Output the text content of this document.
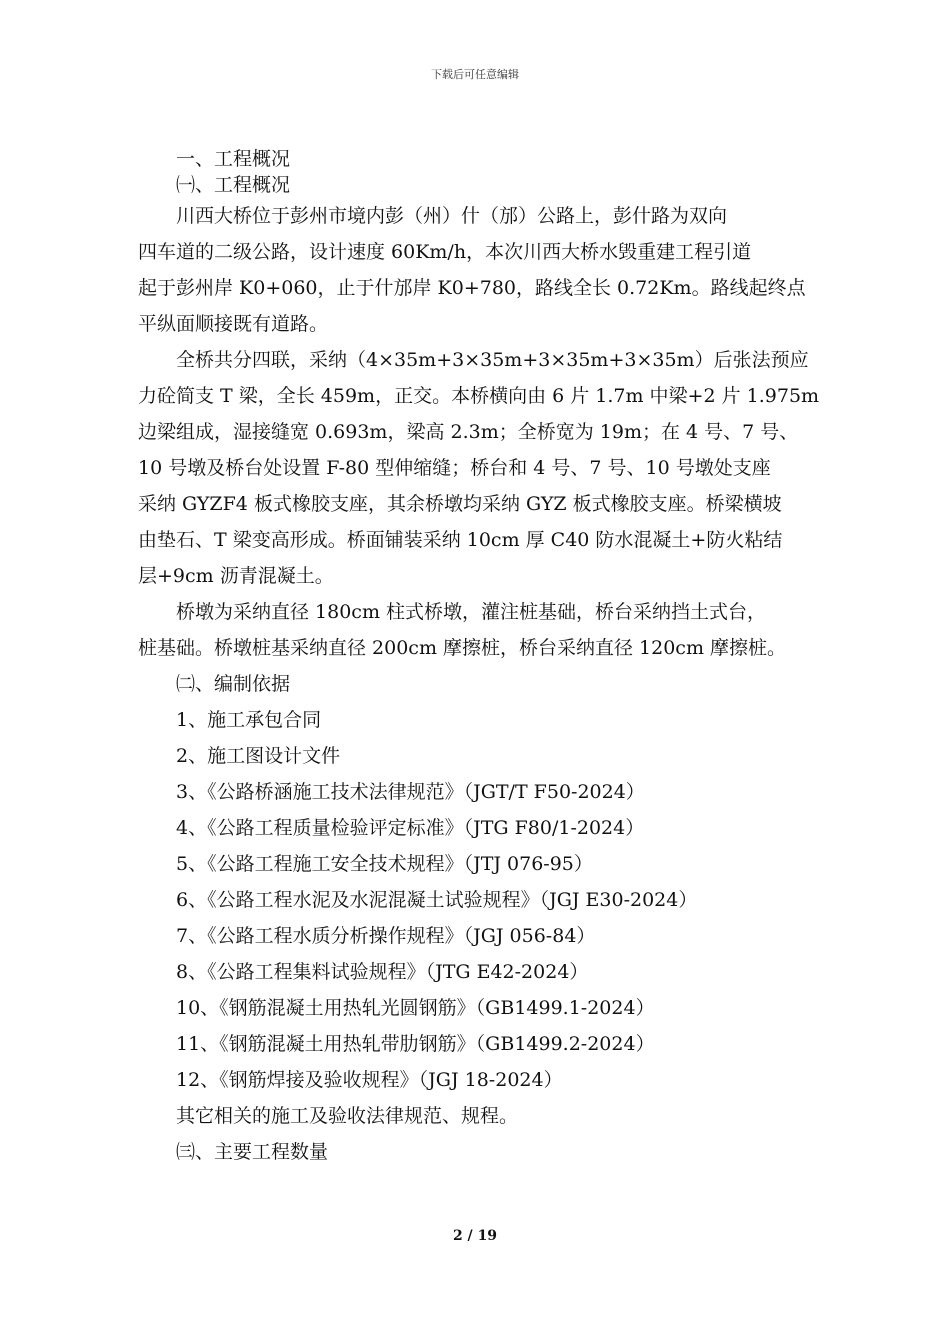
下载后可任意编辑
一、工程概况
㈠、工程概况
川西大桥位于彭州市境内彭（州）什（邡）公路上，彭什路为双向
四车道的二级公路，设计速度 60Km/h，本次川西大桥水毁重建工程引道
起于彭州岸 K0+060，止于什邡岸 K0+780，路线全长 0.72Km。路线起终点
平纵面顺接既有道路。
全桥共分四联，采纳（4×35m+3×35m+3×35m+3×35m）后张法预应
力砼简支 T 梁，全长 459m，正交。本桥横向由 6 片 1.7m 中梁+2 片 1.975m
边梁组成，湿接缝宽 0.693m，梁高 2.3m；全桥宽为 19m；在 4 号、7 号、
10 号墩及桥台处设置 F-80 型伸缩缝；桥台和 4 号、7 号、10 号墩处支座
采纳 GYZF4 板式橡胶支座，其余桥墩均采纳 GYZ 板式橡胶支座。桥梁横坡
由垫石、T 梁变高形成。桥面铺装采纳 10cm 厚 C40 防水混凝土+防火粘结
层+9cm 沥青混凝土。
桥墩为采纳直径 180cm 柱式桥墩，灌注桩基础，桥台采纳挡土式台，
桩基础。桥墩桩基采纳直径 200cm 摩擦桩，桥台采纳直径 120cm 摩擦桩。
㈡、编制依据
1、施工承包合同
2、施工图设计文件
3、《公路桥涵施工技术法律规范》（JGT/T F50-2024）
4、《公路工程质量检验评定标准》（JTG F80/1-2024）
5、《公路工程施工安全技术规程》（JTJ 076-95）
6、《公路工程水泥及水泥混凝土试验规程》（JGJ E30-2024）
7、《公路工程水质分析操作规程》（JGJ 056-84）
8、《公路工程集料试验规程》（JTG E42-2024）
10、《钢筋混凝土用热轧光圆钢筋》（GB1499.1-2024）
11、《钢筋混凝土用热轧带肋钢筋》（GB1499.2-2024）
12、《钢筋焊接及验收规程》（JGJ 18-2024）
其它相关的施工及验收法律规范、规程。
㈢、主要工程数量
2 / 19
